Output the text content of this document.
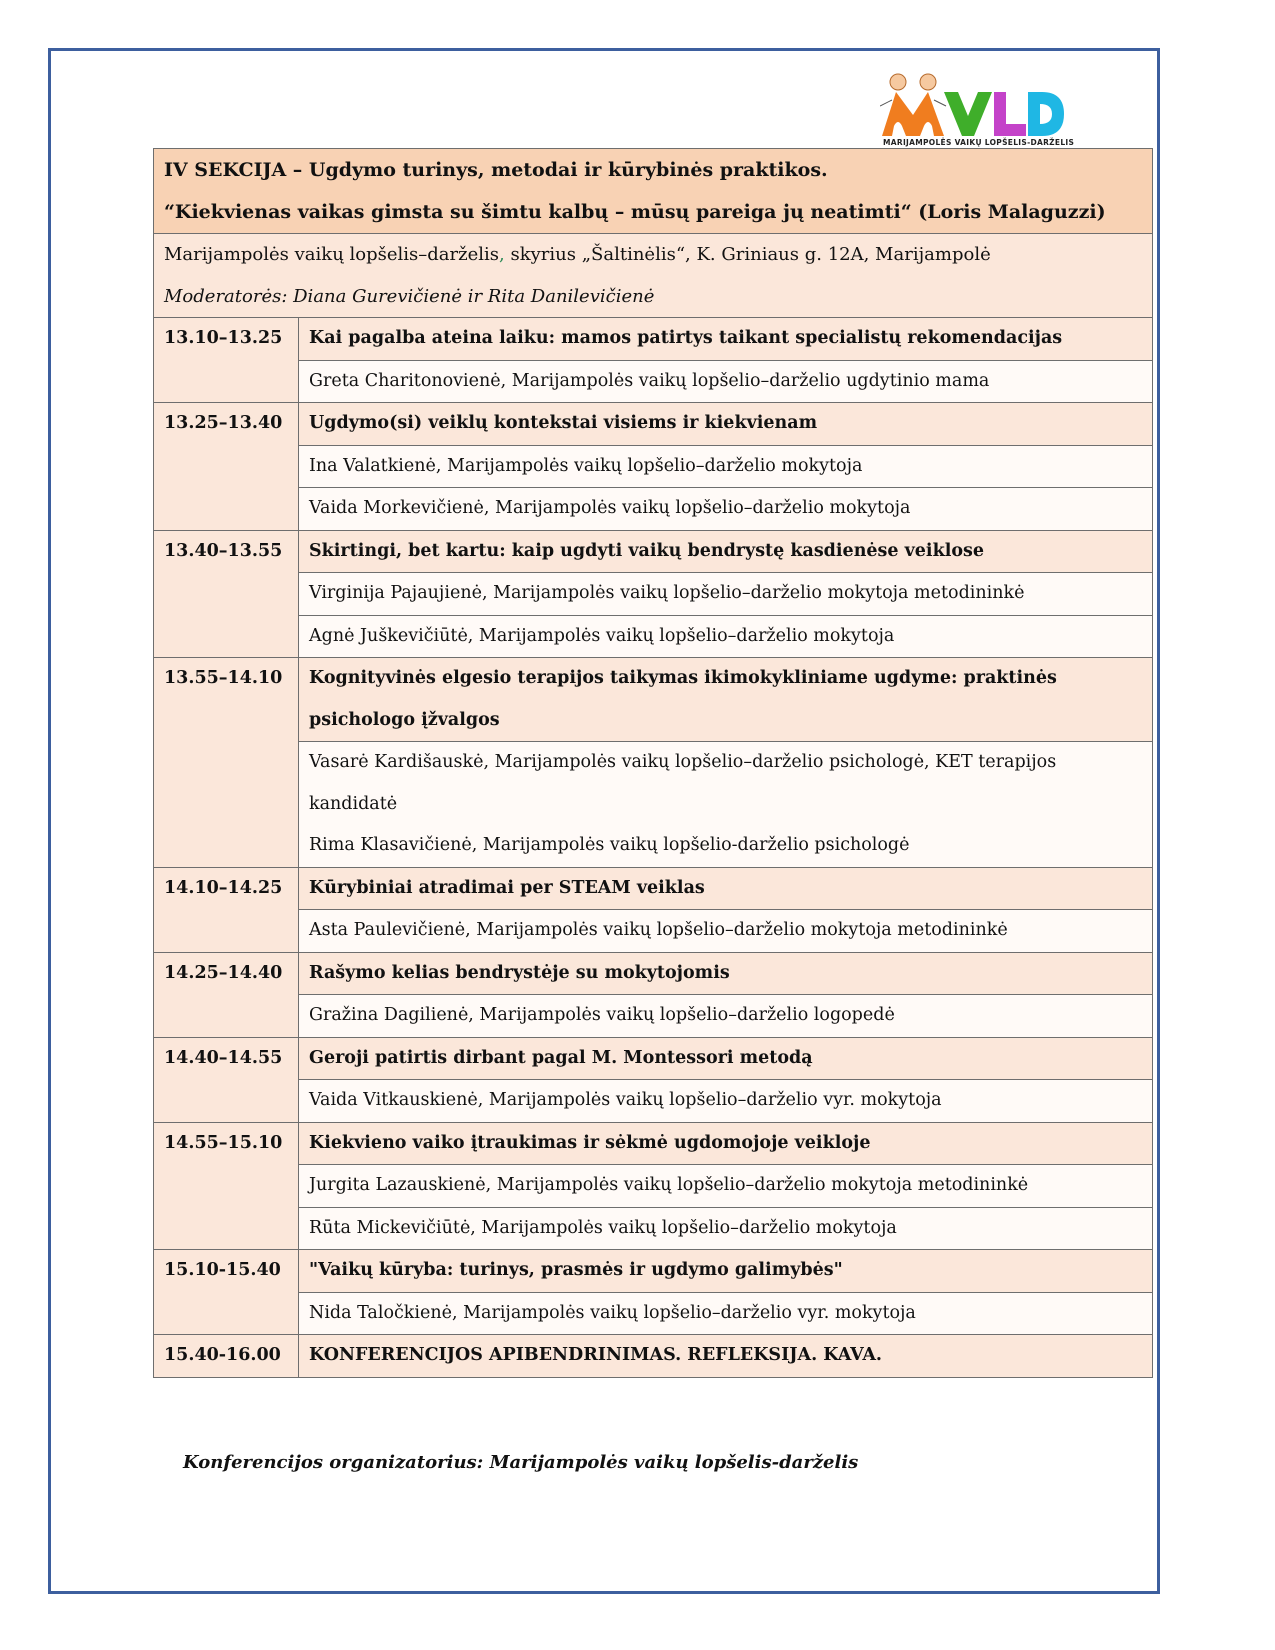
MARIJAMPOLĖS VAIKŲ LOPŠELIS-DARŽELIS
IV SEKCIJA – Ugdymo turinys, metodai ir kūrybinės praktikos.
“Kiekvienas vaikas gimsta su šimtu kalbų – mūsų pareiga jų neatimti“ (Loris Malaguzzi)	

Marijampolės vaikų lopšelis–darželis, skyrius „Šaltinėlis“, K. Griniaus g. 12A, Marijampolė
Moderatorės: Diana Gurevičienė ir Rita Danilevičienė	

13.10–13.25	Kai pagalba ateina laiku: mamos patirtys taikant specialistų rekomendacijas
	Greta Charitonovienė, Marijampolės vaikų lopšelio–darželio ugdytinio mama
13.25–13.40	Ugdymo(si) veiklų kontekstai visiems ir kiekvienam
	Ina Valatkienė, Marijampolės vaikų lopšelio–darželio mokytoja
	Vaida Morkevičienė, Marijampolės vaikų lopšelio–darželio mokytoja
13.40–13.55	Skirtingi, bet kartu: kaip ugdyti vaikų bendrystę kasdienėse veiklose
	Virginija Pajaujienė, Marijampolės vaikų lopšelio–darželio mokytoja metodininkė
	Agnė Juškevičiūtė, Marijampolės vaikų lopšelio–darželio mokytoja
13.55–14.10	Kognityvinės elgesio terapijos taikymas ikimokykliniame ugdyme: praktinės psichologo įžvalgos

	Vasarė Kardišauskė, Marijampolės vaikų lopšelio–darželio psichologė, KET terapijos kandidatė
Rima Klasavičienė, Marijampolės vaikų lopšelio-darželio psichologė

14.10–14.25	Kūrybiniai atradimai per STEAM veiklas
	Asta Paulevičienė, Marijampolės vaikų lopšelio–darželio mokytoja metodininkė
14.25–14.40	Rašymo kelias bendrystėje su mokytojomis
	Gražina Dagilienė, Marijampolės vaikų lopšelio–darželio logopedė
14.40–14.55	Geroji patirtis dirbant pagal M. Montessori metodą
	Vaida Vitkauskienė, Marijampolės vaikų lopšelio–darželio vyr. mokytoja
14.55–15.10	Kiekvieno vaiko įtraukimas ir sėkmė ugdomojoje veikloje
	Jurgita Lazauskienė, Marijampolės vaikų lopšelio–darželio mokytoja metodininkė
	Rūta Mickevičiūtė, Marijampolės vaikų lopšelio–darželio mokytoja
15.10-15.40	"Vaikų kūryba: turinys, prasmės ir ugdymo galimybės"
	Nida Taločkienė, Marijampolės vaikų lopšelio–darželio vyr. mokytoja
15.40-16.00	KONFERENCIJOS APIBENDRINIMAS. REFLEKSIJA. KAVA.
Konferencijos organizatorius: Marijampolės vaikų lopšelis-darželis
